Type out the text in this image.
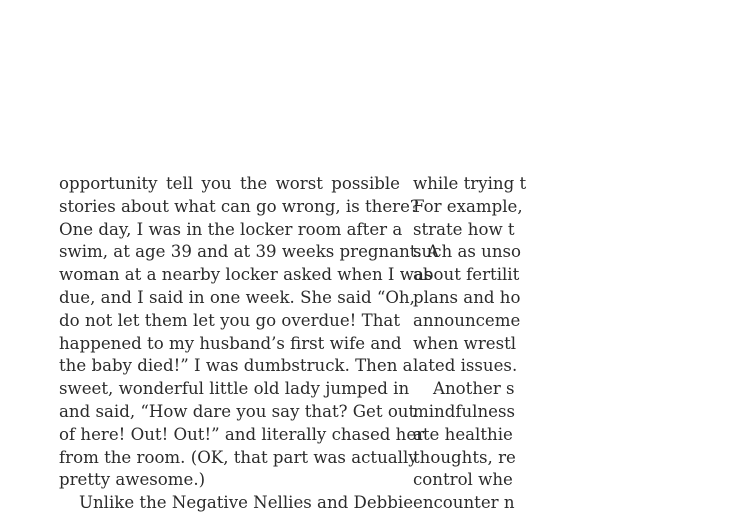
opportunity tell you the worst possible
stories about what can go wrong, is there?
One day, I was in the locker room after a
swim, at age 39 and at 39 weeks pregnant. A
woman at a nearby locker asked when I was
due, and I said in one week. She said “Oh,
do not let them let you go overdue! That
happened to my husband’s first wife and
the baby died!” I was dumbstruck. Then a
sweet, wonderful little old lady jumped in
and said, “How dare you say that? Get out
of here! Out! Out!” and literally chased her
from the room. (OK, that part was actually
pretty awesome.)
Unlike the Negative Nellies and Debbie
while trying t
For example,
strate how t
such as unso
about fertilit
plans and ho
announceme
when wrestl
lated issues.
Another s
mindfulness
ate healthie
thoughts, re
control whe
encounter n
